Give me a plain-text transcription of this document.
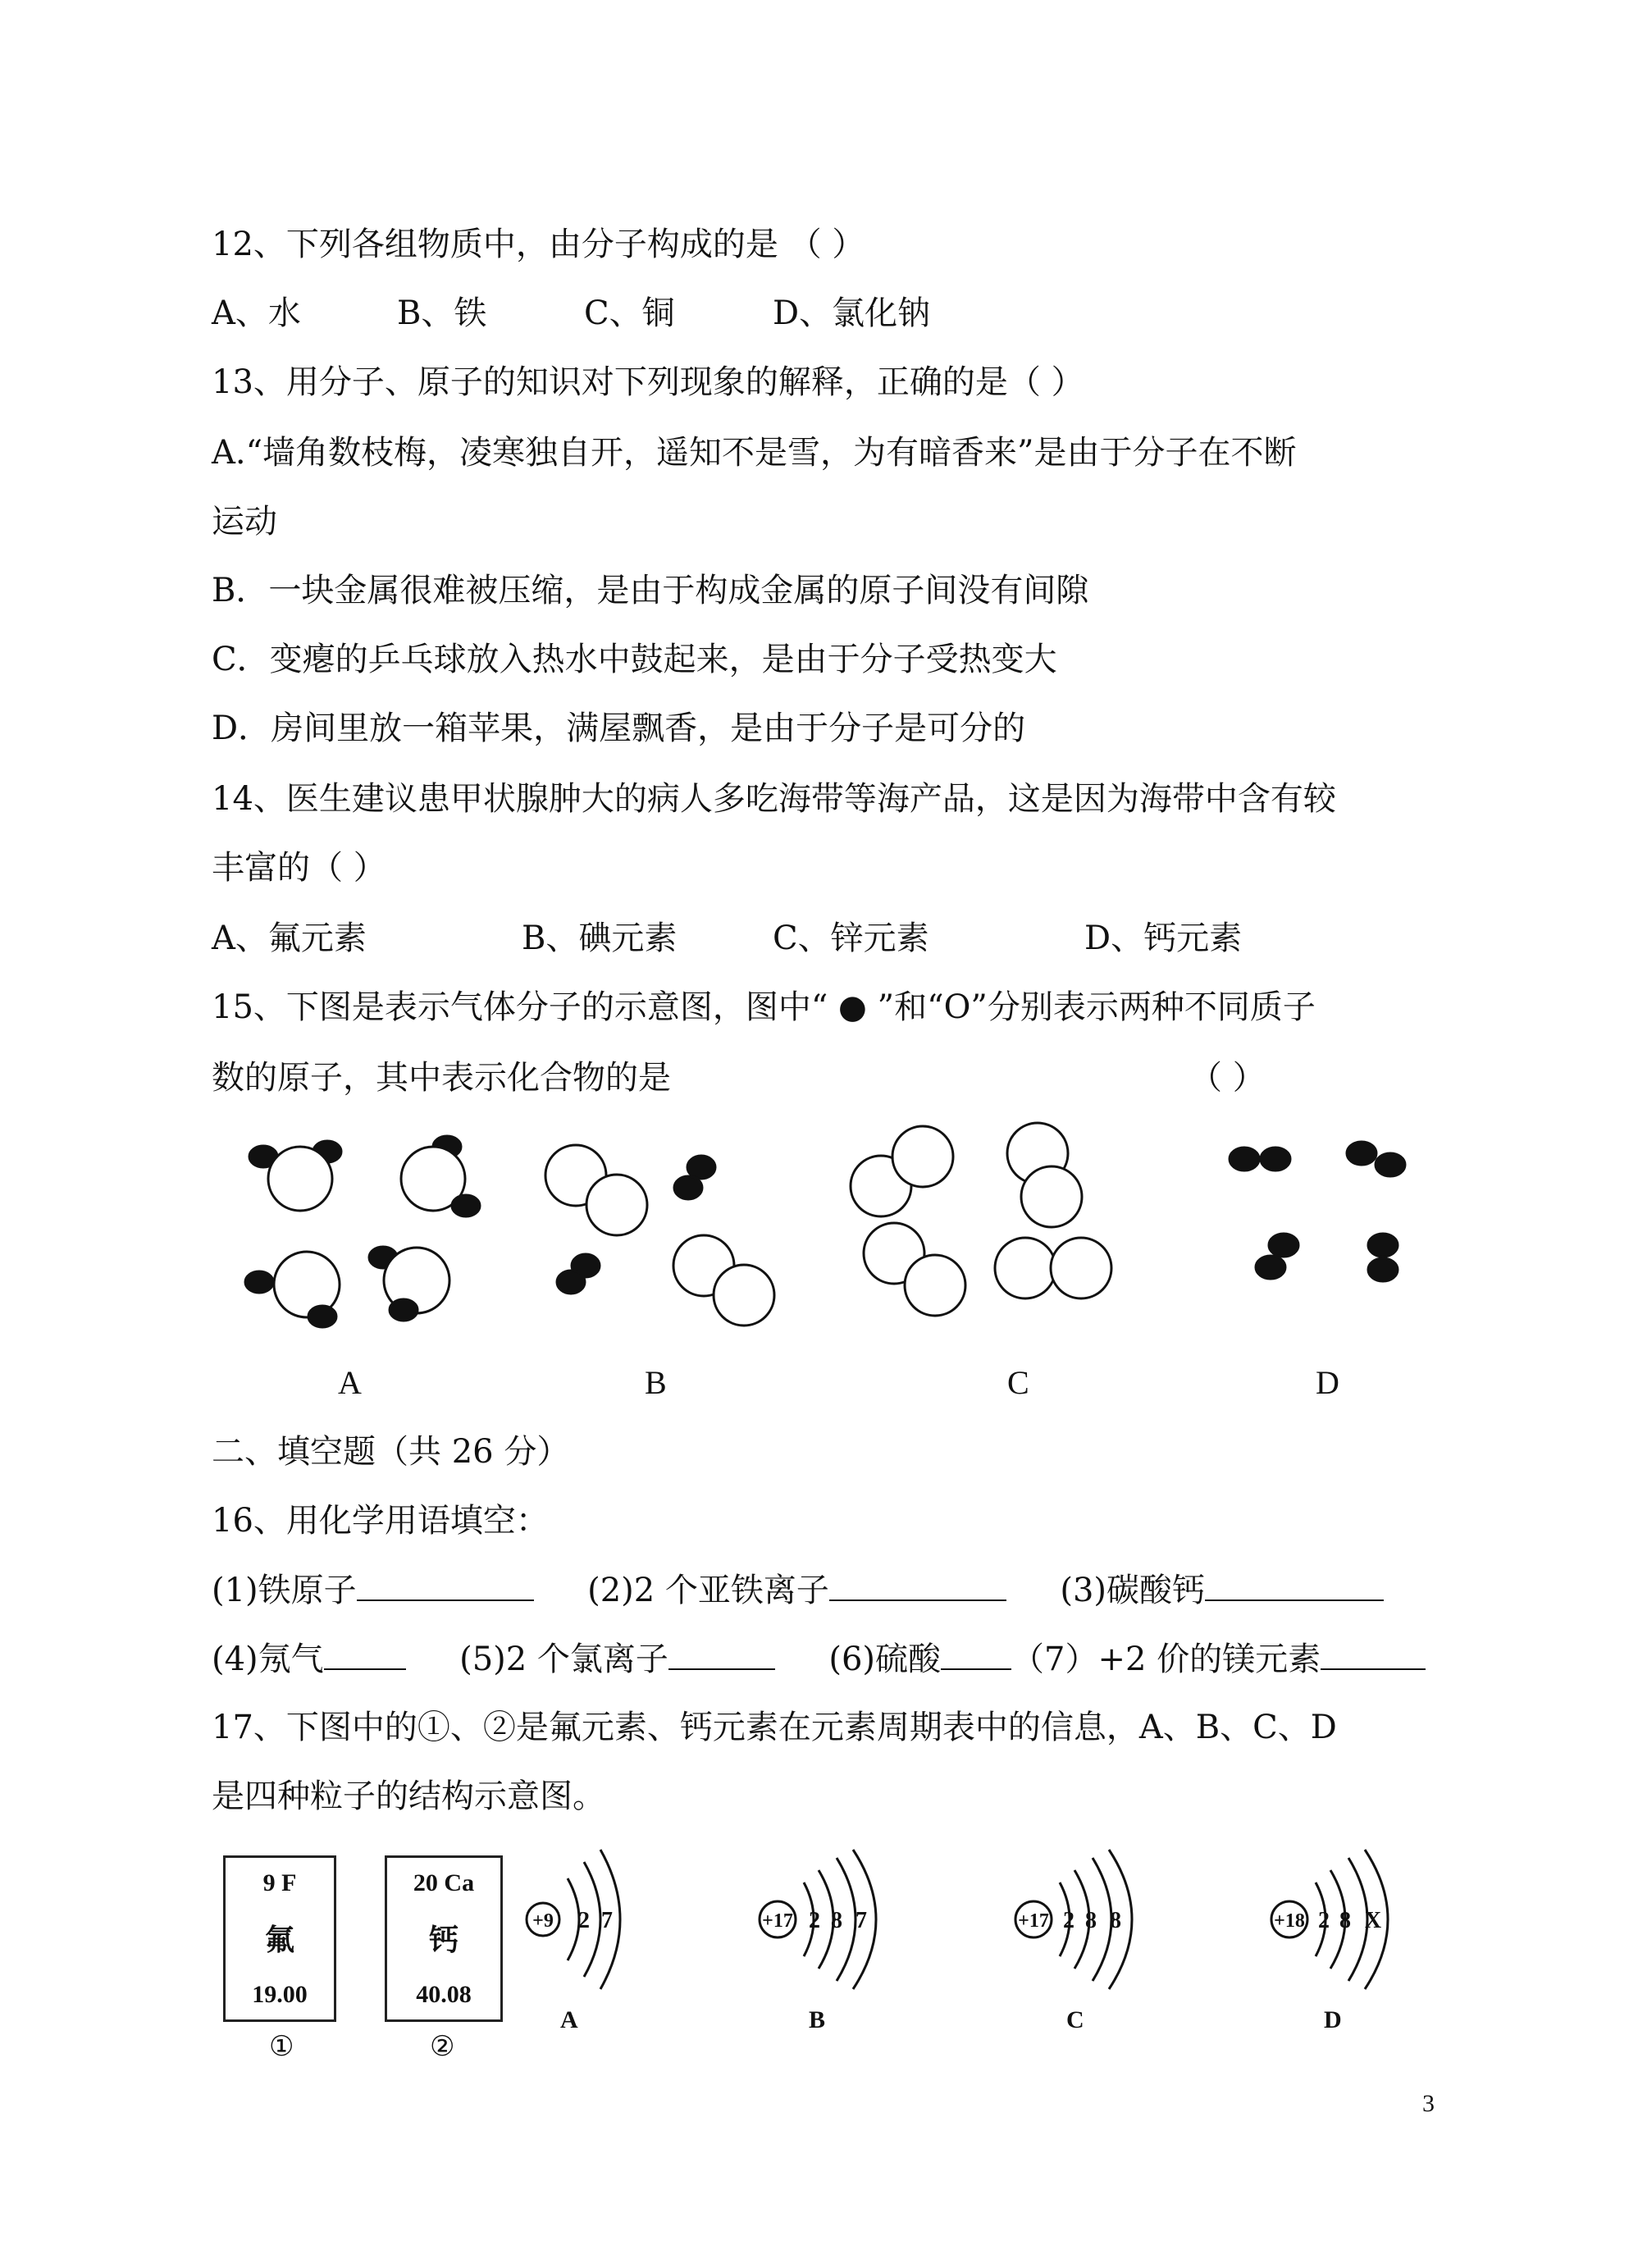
12、下列各组物质中，由分子构成的是 （ ）
A、水	B、铁	C、铜	D、氯化钠
13、用分子、原子的知识对下列现象的解释，正确的是（ ）
A.“墙角数枝梅，凌寒独自开，遥知不是雪，为有暗香来”是由于分子在不断
运动
B．一块金属很难被压缩，是由于构成金属的原子间没有间隙
C．变瘪的乒乓球放入热水中鼓起来，是由于分子受热变大
D．房间里放一箱苹果，满屋飘香，是由于分子是可分的
14、医生建议患甲状腺肿大的病人多吃海带等海产品，这是因为海带中含有较
丰富的（ ）
A、氟元素	B、碘元素	C、锌元素	D、钙元素
15、下图是表示气体分子的示意图，图中“ ● ”和“O”分别表示两种不同质子
数的原子，其中表示化合物的是	（ ）
A	B	C	D
二、填空题（共 26 分）
16、用化学用语填空：
(1)铁原子	(2)2 个亚铁离子	(3)碳酸钙
(4)氖气	(5)2 个氯离子	(6)硫酸 （7）+2 价的镁元素
17、下图中的①、②是氟元素、钙元素在元素周期表中的信息，A、B、C、D
是四种粒子的结构示意图。
9 F
氟
19.00
①
20 Ca
钙
40.08
②
+9 2 7	+17 2 8 7	+17 2 8 8	+18 2 8 X
A	B	C	D
3
